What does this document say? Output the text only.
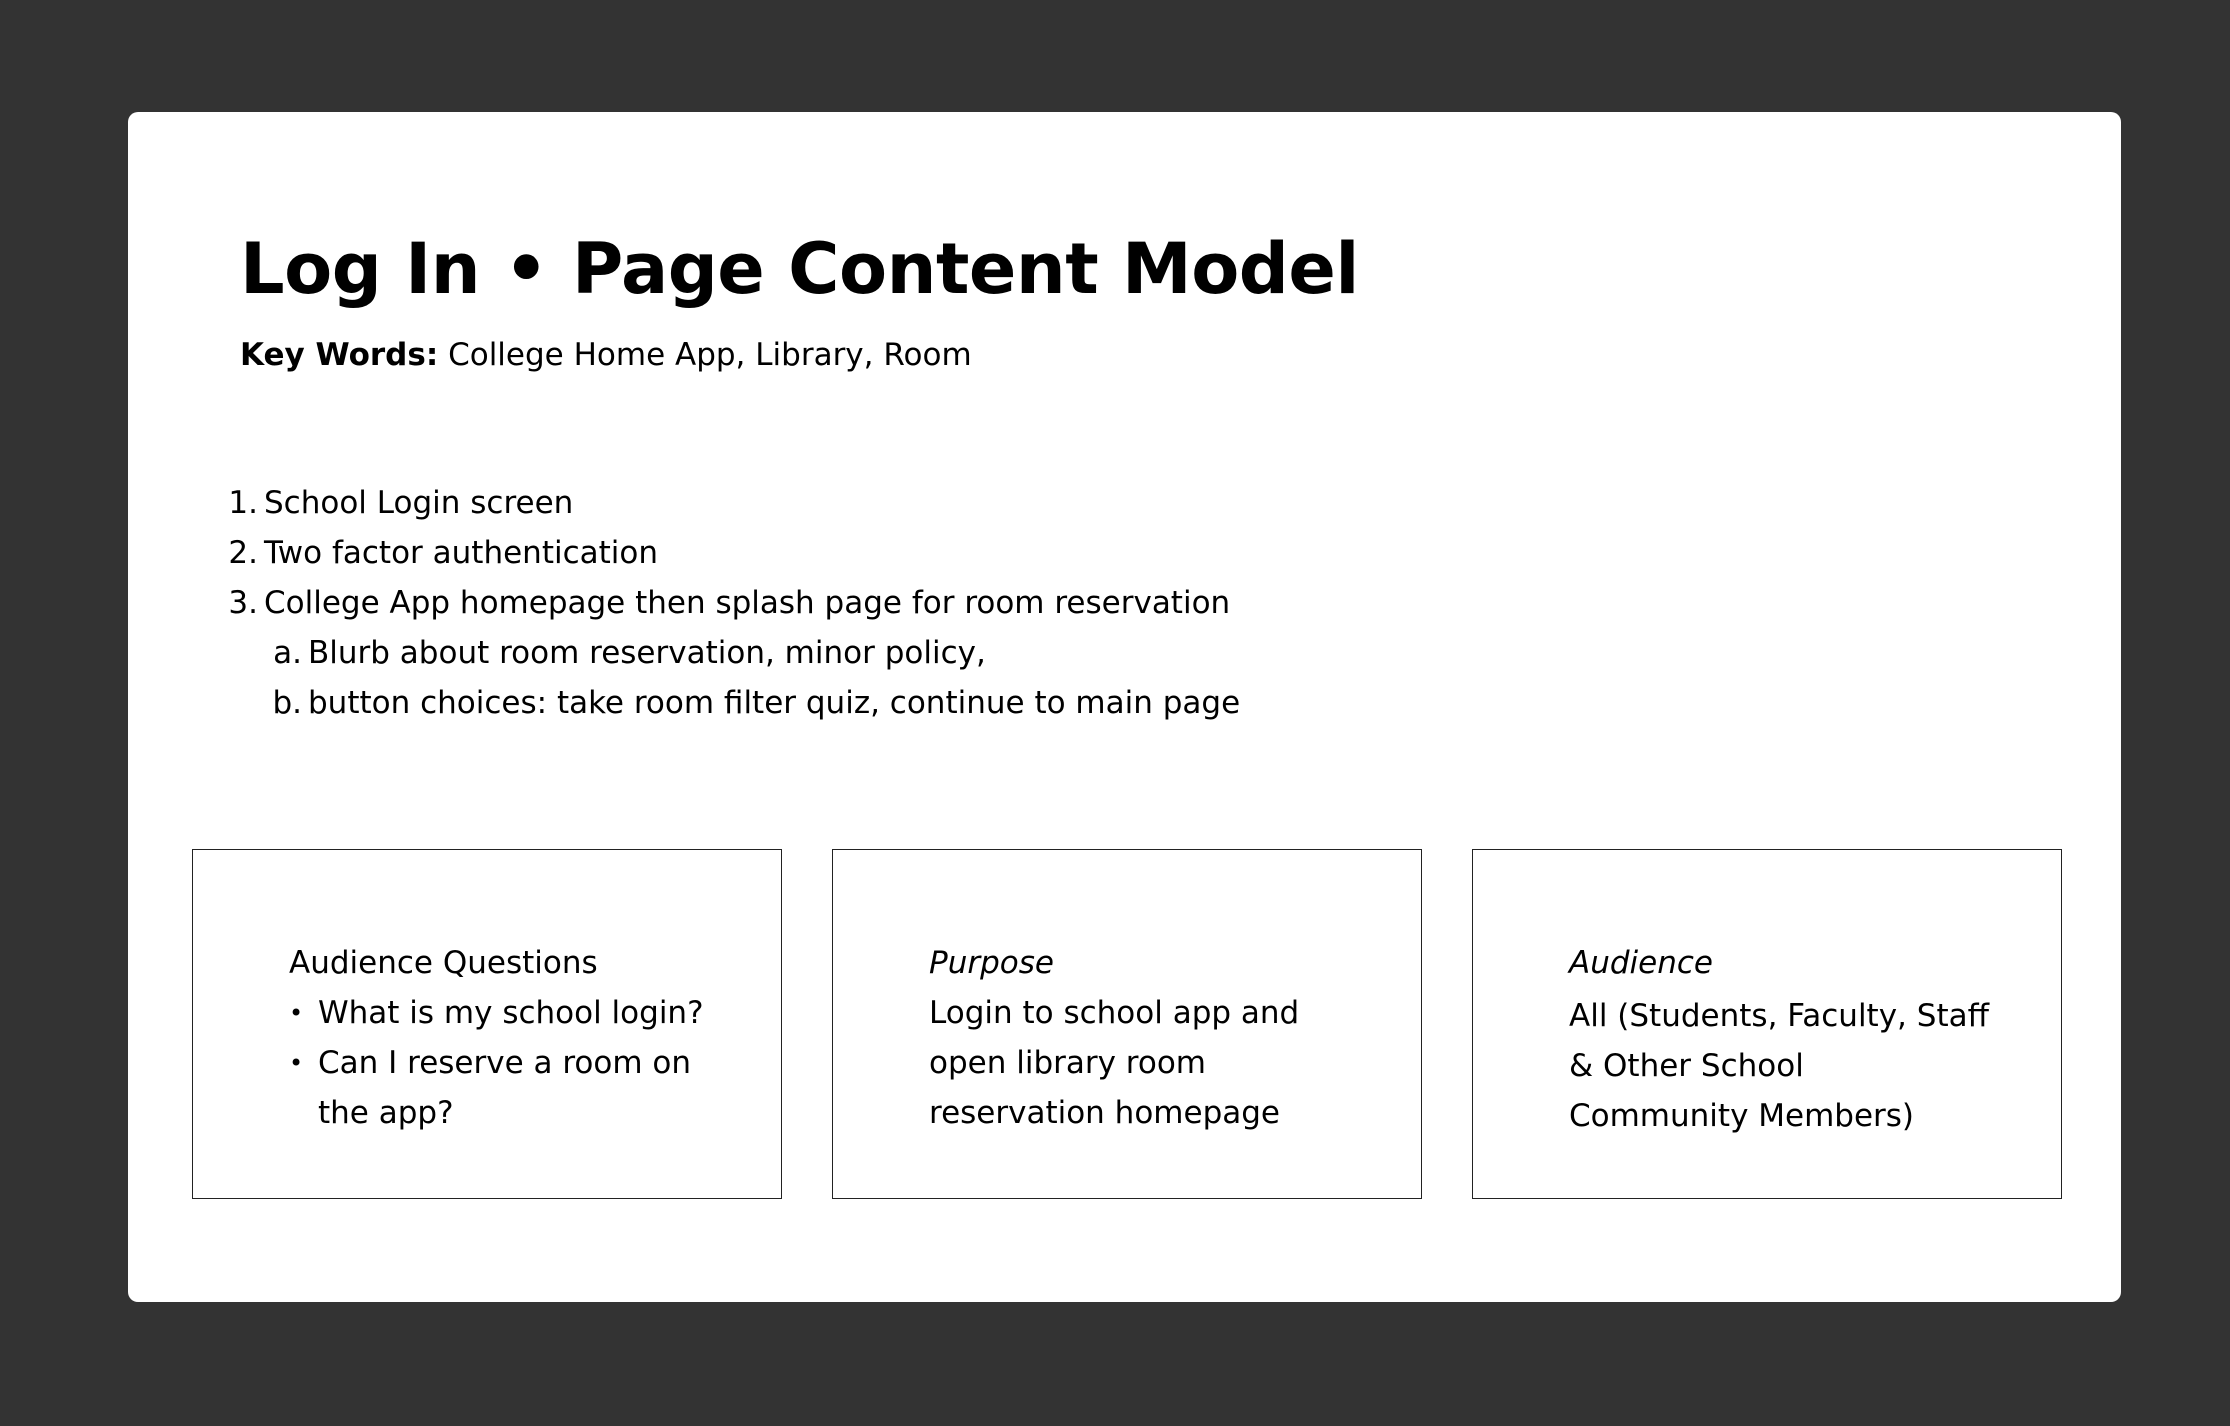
Log In • Page Content Model
Key Words: College Home App, Library, Room
1. School Login screen
2. Two factor authentication
3. College App homepage then splash page for room reservation
a. Blurb about room reservation, minor policy,
b. button choices: take room filter quiz, continue to main page
Audience Questions
• What is my school login?
• Can I reserve a room on the app?
Purpose
Login to school app and open library room reservation homepage
Audience
All (Students, Faculty, Staff & Other School Community Members)
